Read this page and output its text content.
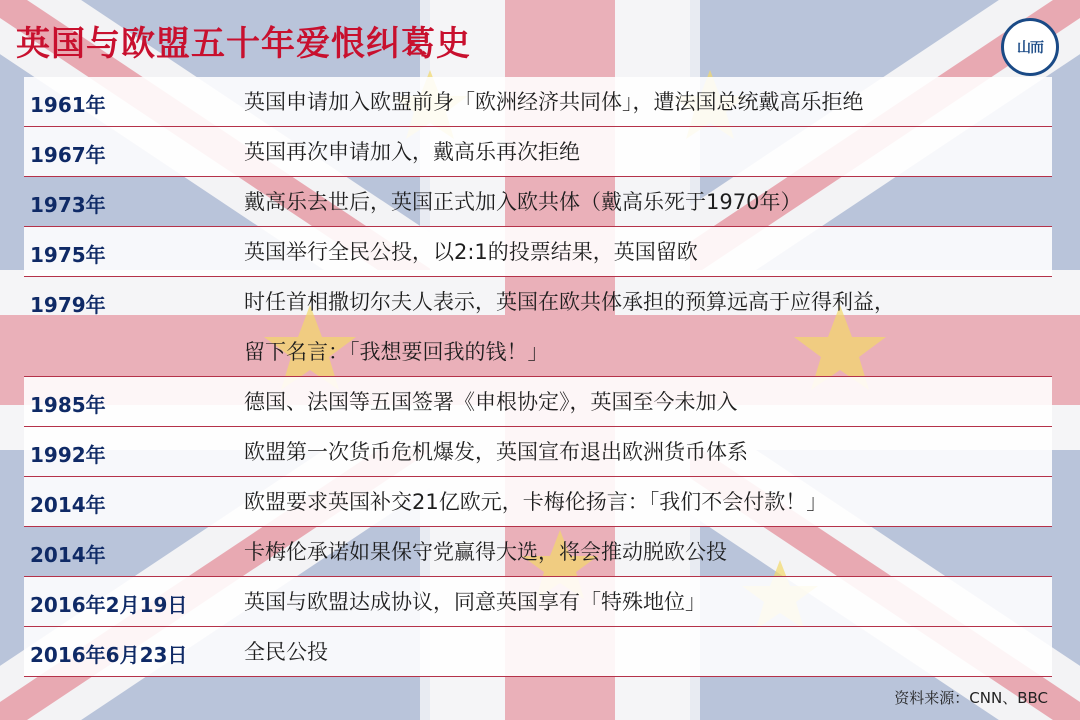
英国与欧盟五十年爱恨纠葛史	山而
1961年	英国申请加入欧盟前身「欧洲经济共同体」，遭法国总统戴高乐拒绝
1967年	英国再次申请加入，戴高乐再次拒绝
1973年	戴高乐去世后，英国正式加入欧共体（戴高乐死于1970年）
1975年	英国举行全民公投，以2:1的投票结果，英国留欧
1979年	时任首相撒切尔夫人表示，英国在欧共体承担的预算远高于应得利益，
留下名言：「我想要回我的钱！」
1985年	德国、法国等五国签署《申根协定》，英国至今未加入
1992年	欧盟第一次货币危机爆发，英国宣布退出欧洲货币体系
2014年	欧盟要求英国补交21亿欧元，卡梅伦扬言：「我们不会付款！」
2014年	卡梅伦承诺如果保守党赢得大选，将会推动脱欧公投
2016年2月19日	英国与欧盟达成协议，同意英国享有「特殊地位」
2016年6月23日	全民公投
资料来源：CNN、BBC
